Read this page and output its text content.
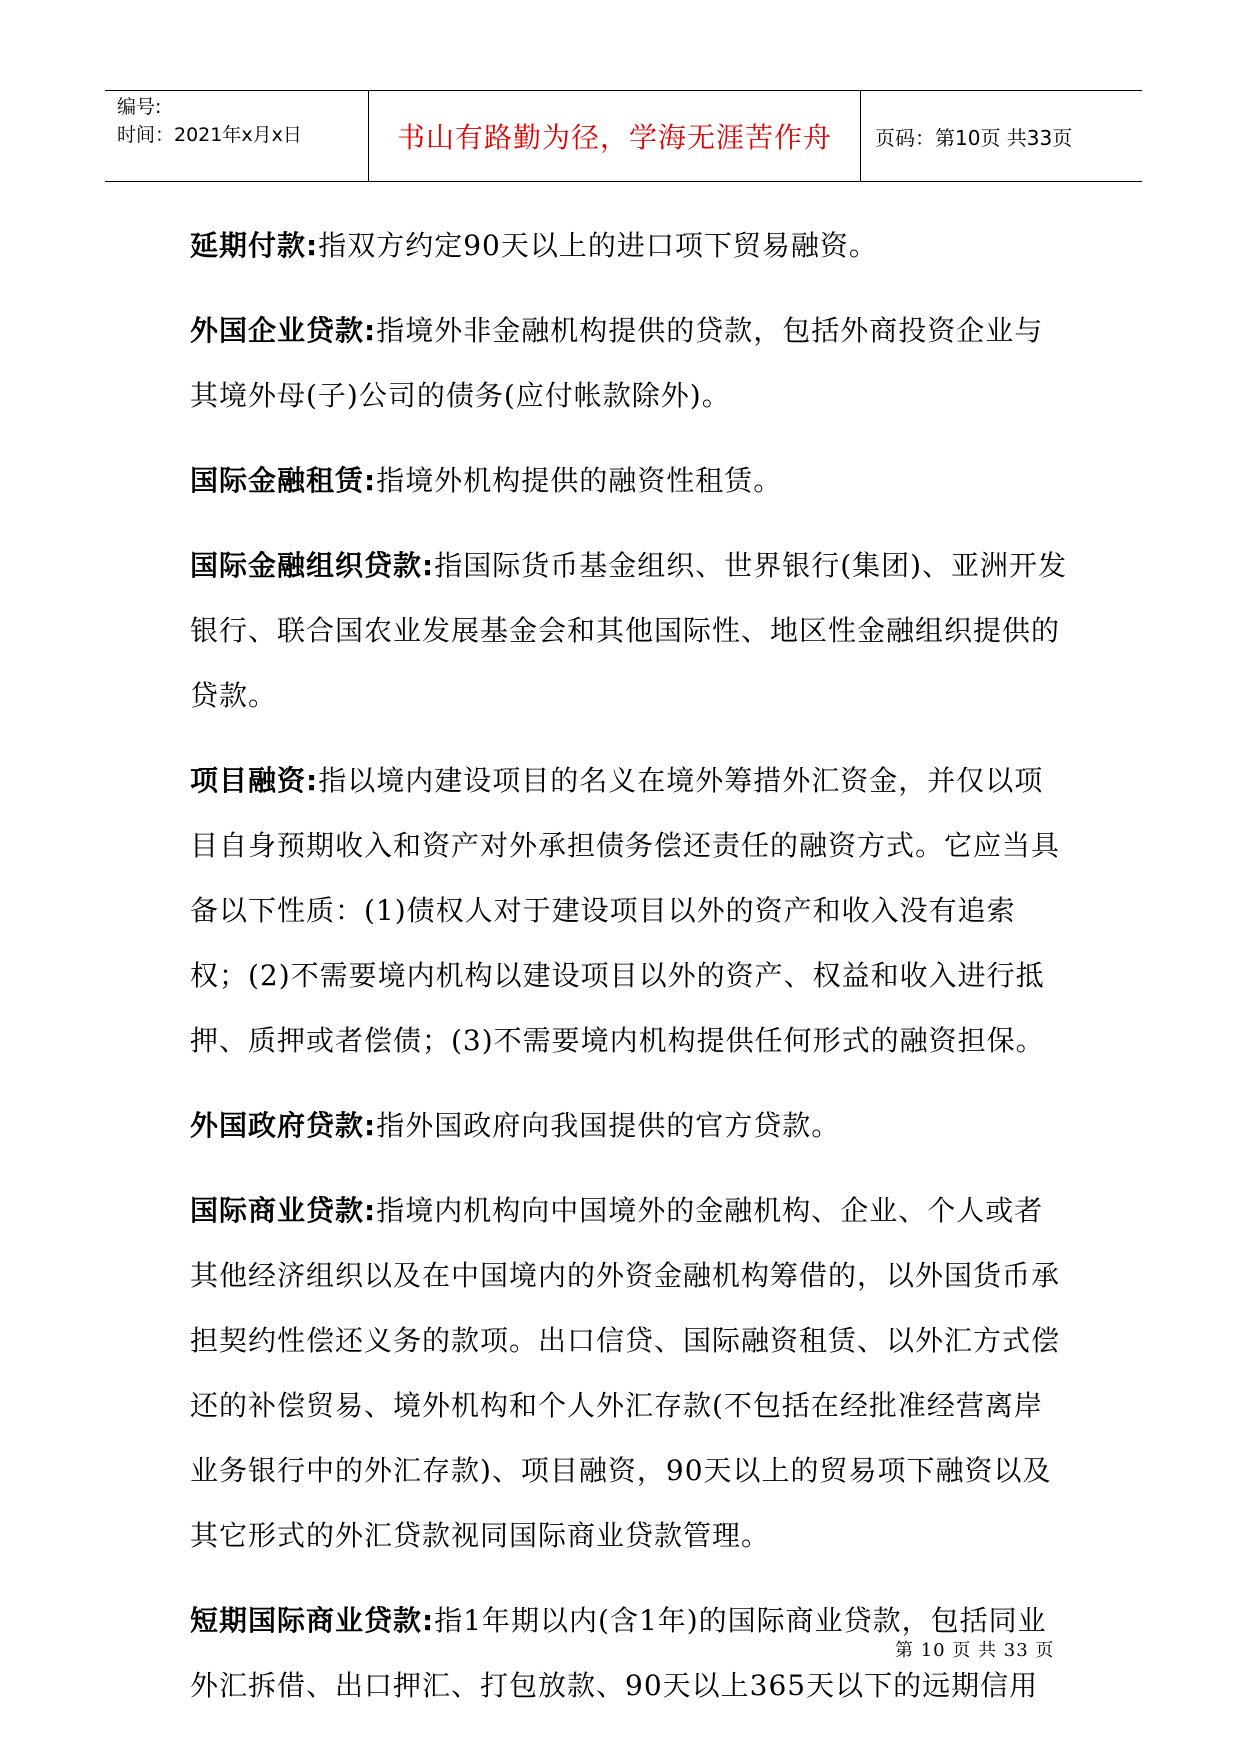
编号:
时间：2021年x月x日	书山有路勤为径，学海无涯苦作舟	页码：第10页 共33页

延期付款:指双方约定90天以上的进口项下贸易融资。

外国企业贷款:指境外非金融机构提供的贷款，包括外商投资企业与其境外母(子)公司的债务(应付帐款除外)。

国际金融租赁:指境外机构提供的融资性租赁。

国际金融组织贷款:指国际货币基金组织、世界银行(集团)、亚洲开发银行、联合国农业发展基金会和其他国际性、地区性金融组织提供的贷款。

项目融资:指以境内建设项目的名义在境外筹措外汇资金，并仅以项目自身预期收入和资产对外承担债务偿还责任的融资方式。它应当具备以下性质：(1)债权人对于建设项目以外的资产和收入没有追索权；(2)不需要境内机构以建设项目以外的资产、权益和收入进行抵押、质押或者偿债；(3)不需要境内机构提供任何形式的融资担保。

外国政府贷款:指外国政府向我国提供的官方贷款。

国际商业贷款:指境内机构向中国境外的金融机构、企业、个人或者其他经济组织以及在中国境内的外资金融机构筹借的，以外国货币承担契约性偿还义务的款项。出口信贷、国际融资租赁、以外汇方式偿还的补偿贸易、境外机构和个人外汇存款(不包括在经批准经营离岸业务银行中的外汇存款)、项目融资，90天以上的贸易项下融资以及其它形式的外汇贷款视同国际商业贷款管理。

短期国际商业贷款:指1年期以内(含1年)的国际商业贷款，包括同业外汇拆借、出口押汇、打包放款、90天以上365天以下的远期信用

第 10 页 共 33 页
